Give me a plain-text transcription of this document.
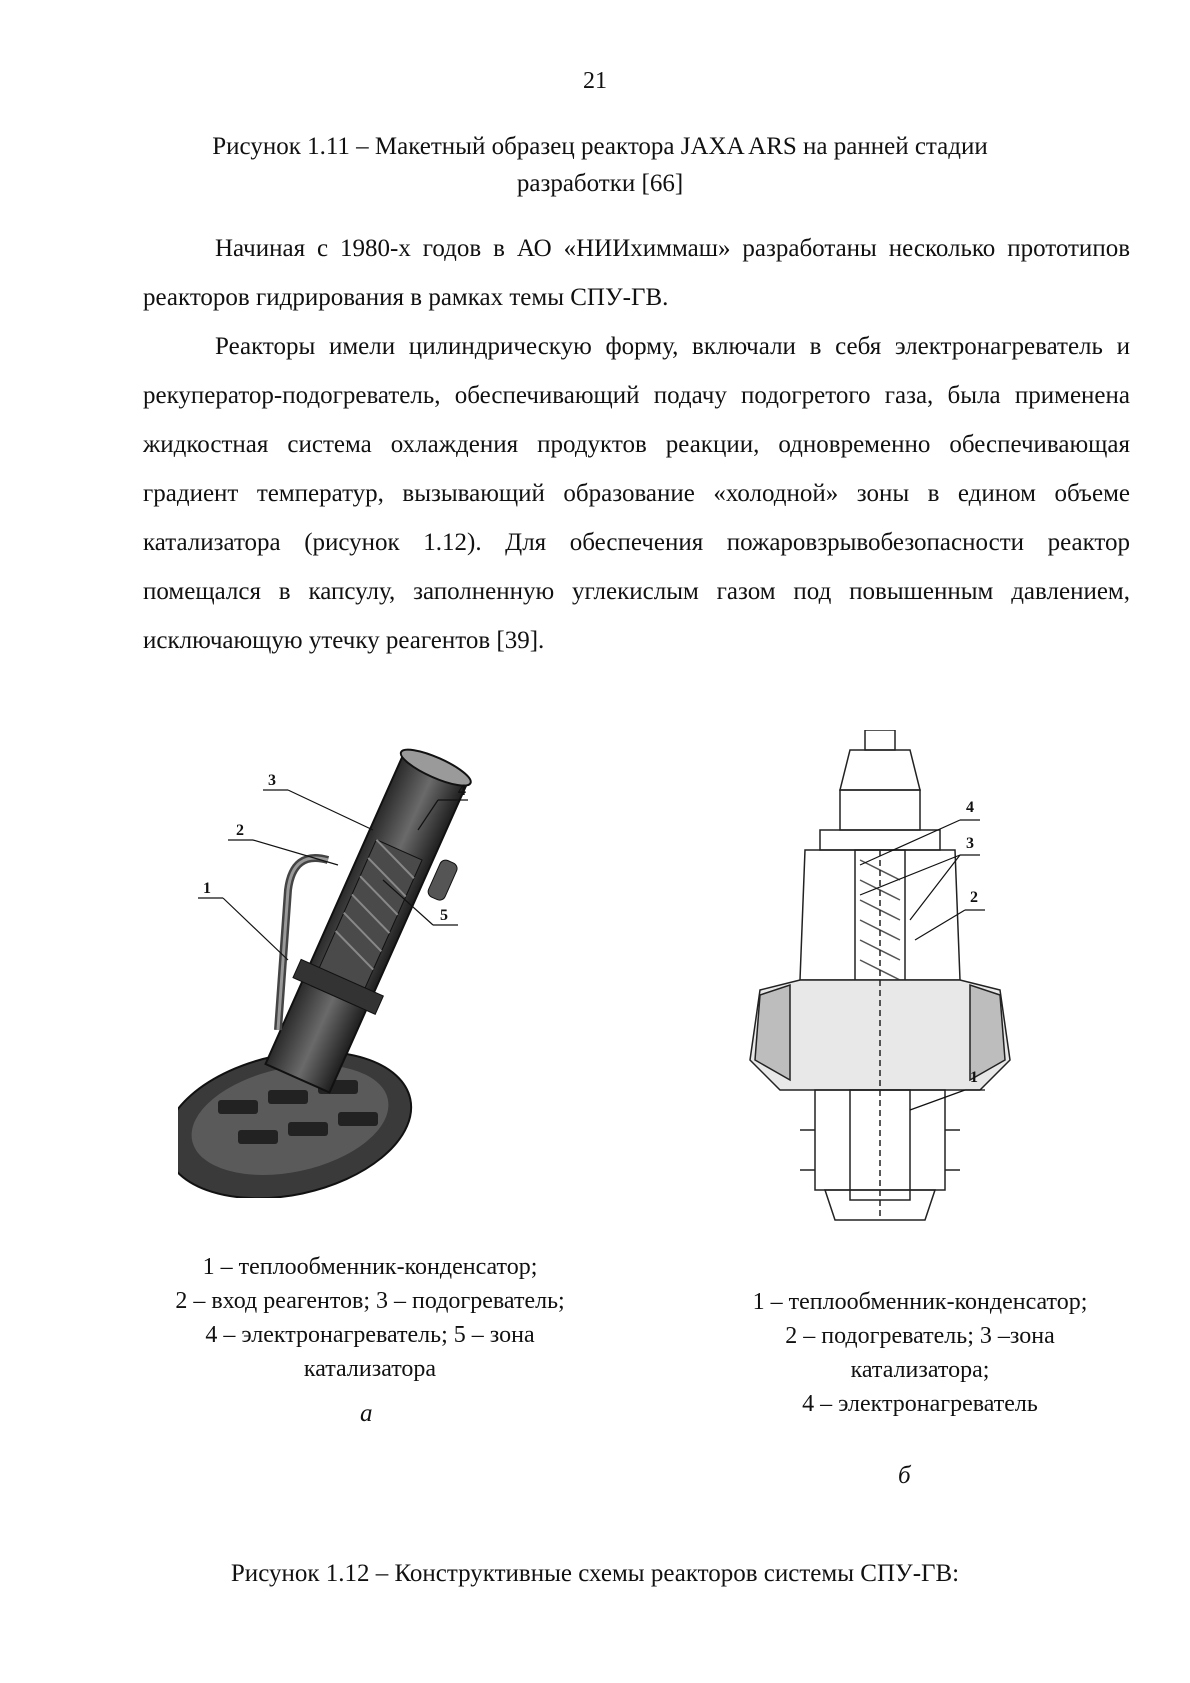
21
Рисунок 1.11 – Макетный образец реактора JAXA ARS на ранней стадии
разработки [66]

Начиная с 1980-х годов в АО «НИИхиммаш» разработаны несколько прототипов реакторов гидрирования в рамках темы СПУ-ГВ.

Реакторы имели цилиндрическую форму, включали в себя электронагреватель и рекуператор-подогреватель, обеспечивающий подачу подогретого газа, была применена жидкостная система охлаждения продуктов реакции, одновременно обеспечивающая градиент температур, вызывающий образование «холодной» зоны в едином объеме катализатора (рисунок 1.12). Для обеспечения пожаровзрывобезопасности реактор помещался в капсулу, заполненную углекислым газом под повышенным давлением, исключающую утечку реагентов [39].

3
4
2
1
5
4
3
2
1
1 – теплообменник-конденсатор;
2 – вход реагентов; 3 – подогреватель;
4 – электронагреватель; 5 – зона
катализатора
а
1 – теплообменник-конденсатор;
2 – подогреватель; 3 –зона
катализатора;
4 – электронагреватель
б
Рисунок 1.12 – Конструктивные схемы реакторов системы СПУ-ГВ:
